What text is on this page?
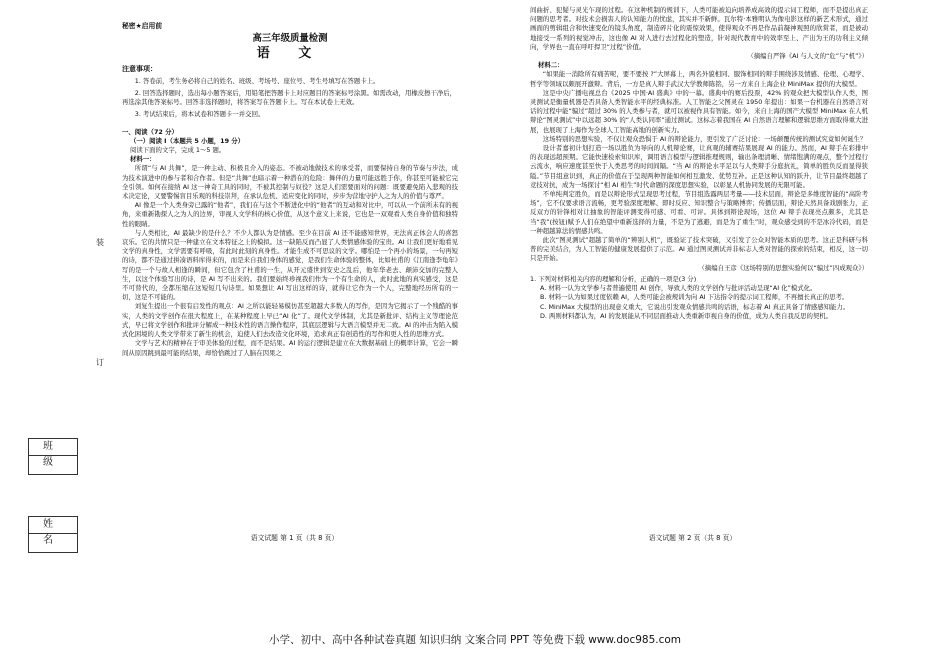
装
订
班 级
姓 名
秘密★启用前
高三年级质量检测
语 文
注意事项：
1. 答卷前，考生务必将自己的姓名、班级、考场号、座位号、考生号填写在答题卡上。
2. 回答选择题时，选出每小题答案后，用铅笔把答题卡上对应题目的答案标号涂黑。如需改动，用橡皮擦干净后，再选涂其他答案标号。回答非选择题时，将答案写在答题卡上。写在本试卷上无效。
3. 考试结束后，将本试卷和答题卡一并交回。
一、阅读（72 分）
（一）阅读 I（本题共 5 小题，19 分）
阅读下面的文字，完成 1～5 题。
材料一：

所谓“与 AI 共舞”，是一种主动、积极且介入的姿态。不被动地做技术的承受者，而要保持自身的节奏与步法，成为技术演进中的参与者和合作者。但是“共舞”也暗示着一种潜在的危险：舞伴的力量可能远胜于你，你甚至可能被它完全引领。如何在接纳 AI 这一神奇工具的同时，不被其控制与奴役？这是人们需要面对的问题：既要避免陷入悲观的技术决定论，又要警惕盲目乐观的科技崇拜，在承认危机、适应变化的同时，步步为营地守护人之为人的价值与尊严。

AI 像是一个人类身旁已露的“他者”，我们在与这个不断进化中的“他者”的互动和对比中，可以从一个前所未有的视角，来重新勘探人之为人的边界，审视人文学科的核心价值，从这个意义上来说，它也是一双观看人类自身价值和独特性的眼睛。

与人类相比，AI 最缺少的是什么？不少人都认为是情感。至少在目前 AI 还不能感知世界，无法真正体会人的喜怒哀乐。它的共情只是一种建立在文本特征之上的模拟。这一缺陷反而凸显了人类情感体验的宝贵。AI 让我们更好地看见文学的真身性，文学需要有呼吸，有此时此刻的真身性。才能生成不可思议的文学。哪怕是一个再小的场景，一句再短的诗，都不是通过拼凑语料库得来的，而是来自我们身体的感觉，是我们生命体验的整体，比如杜甫的《江南逢李龟年》写的是一个与故人相逢的瞬间，但它包含了杜甫的一生，从开元盛世到安史之乱后，他年华老去、颠沛交加的完整人生，以这个体验写出的诗，是 AI 写不出来的。我们要始终珍视我们作为一个有生命的人，此时此地的真实感受，这是不可替代的，全都压缩在这短短几句诗里。如果想让 AI 写出这样的诗，就得让它作为一个人，完整地经历所有的一切，这是不可能的。

刘复生提出一个很有启发性的观点：AI 之所以能轻易模仿甚至超越大多数人的写作，是因为它揭示了一个残酷的事实，人类的文学创作在很大程度上，在某种程度上早已“AI 化”了。现代文学体制，尤其是新批评、结构主义等理论范式，早已将文学创作和批评分解成一种技术性的语言操作程序，其底层逻辑与大语言模型并无二致。AI 的冲击为陷入模式化困境的人类文学带来了新生的机会，迫使人们去改造文化环境，追求真正有创造性的写作和更人性的思维方式。

文学与艺术的精神在于审美体验的过程，而不是结果。AI 的运行逻辑是建立在大数据基础上的概率计算，它会一瞬间从原因跳到最可能的结果，却恰恰跳过了人脑在因果之

语文试题 第 1 页（共 8 页）

间曲折、犯疑与灵光乍现的过程。在这种机制的规训下，人类可能被迫向培养成高效的提示词工程师，而不是提出真正问题的思考者。对技术会损害人的认知能力的忧虑，其实并不新鲜。瓦尔特·本雅明认为像电影这样的新艺术形式，通过画面的剪辑组合和快速变化的镜头角度，制造碎片化的震惊效果，使得观众不再是作品前凝神观照的欣赏者，而是被动地接受一系列的视觉冲击，这也像 AI 对人进行去过程化的塑造，针对现代教育中的效率至上、产出为王的功利主义倾向，学界也一直在呼吁捍卫“过程”价值。

（摘编自严锋《AI 与人文的“危”与“机”》）

材料二：

“如果能一消除所有痛苦呢，要不要按 ?”大屏幕上，两名外貌相同、服饰相同的辩手围绕涉及情感、伦理、心理学、哲学等领域以颇展开激辩。背后，一方是真人辩手武汉大学教师陈铭，另一方来自上海企业 MiniMax 提供的大模型。

这是中央广播电视总台《2025 中国·AI 盛典》中的一幕。盛典中的赛后投票，42% 的观众把大模型认作人类，图灵测试是衡量机器是否具备人类智能水平的经典标准。人工智能之父图灵在 1950 年提出：如果一台机器在自然语言对话的过程中能“骗过”超过 30% 的人类参与者，就可以被视作具有智能。如今，来自上海的国产大模型 MiniMax 在人机辩论“图灵测试”中以远超 30% 的“人类认同率”通过测试。这标志着我国在 AI 自然语言理解和逻辑思维方面取得重大进展，也展现了上海作为全球人工智能高地的创新实力。

这场特别的思想实验，不仅让观众恐惧于 AI 的辩论能力，更引发了广泛讨论：一场颠覆传统的测试究竟如何诞生？

设计者嘉初计划打造一场以胜负为导向的人机辩论赛，让真观的辅赛结果展现 AI 的能力。然而，AI 辩手在彩排中的表现远超预期。它能快速检索知识库，调用语言模型与逻辑推理规则，输出条理清晰、情绪饱满的观点，整个过程行云流水，响应速度甚至快于人类思考的时间间隔。“当 AI 的辩论水平足以与人类辩手分庭抗礼，简单的胜负反而显得狭隘。”节目组意识到，真正的价值在于呈现两种智能如何相互激发、优势互补。正是这种认知的跃升，让节目最终超越了竞技对抗，成为一场探讨“相 AI 相生”时代命题的深度思想实验，以彰显人机协同发展的无限可能。

不单纯判定胜负，而是以辩论形式呈现思考过程，节目组选露两层考量——技术层面，辩论是多维度智能的“高阶考场”，它不仅要求语言流畅，更考验深度理解、即时反应、知识整合与策略博弈；传播层面，辩论天然具备戏剧张力，正反双方的针锋相对让抽象的智能评测变得可感、可看、可评。具体到辩论现场，这位 AI 辩手表现亮点颇多，尤其是当“我”(按钮)赋予人们在绝望中重新选择的力量，不是为了逃避，而是为了重生”时，观众感受到的不是冰冷代码，而是一种超越算法的情感共鸣。

此次“图灵测试”超越了简单的“辨别人机”，既验证了技术突破，又引发了公众对智能本质的思考。这正是科研与科普的完美结合，为人工智能的健康发展提供了示范。AI 通过图灵测试并非标志人类对智能的探索的结束，相反，这一切只是开始。

（摘编自王彦《这场特别的思想实验何以“骗过”四成观众》）

1. 下列对材料相关内容的理解和分析，正确的一项是(3 分)
A. 材料一认为文学参与者普遍使用 AI 创作，导致人类的文学创作与批评活动呈现“AI 化”模式化。
B. 材料一认为如果过度依赖 AI，人类可能会被规训为向 AI 下达指令的提示词工程师，不再擅长真正的思考。
C. MiniMax 大模型的出现意义重大，它说出引发观众情感共鸣的话语，标志着 AI 真正具备了情感感知能力。
D. 两则材料都认为，AI 的发展能从不同层面推动人类重新审视自身的价值，成为人类自我反思的契机。
语文试题 第 2 页（共 8 页）
小学、初中、高中各种试卷真题 知识归纳 文案合同 PPT 等免费下载 www.doc985.com
